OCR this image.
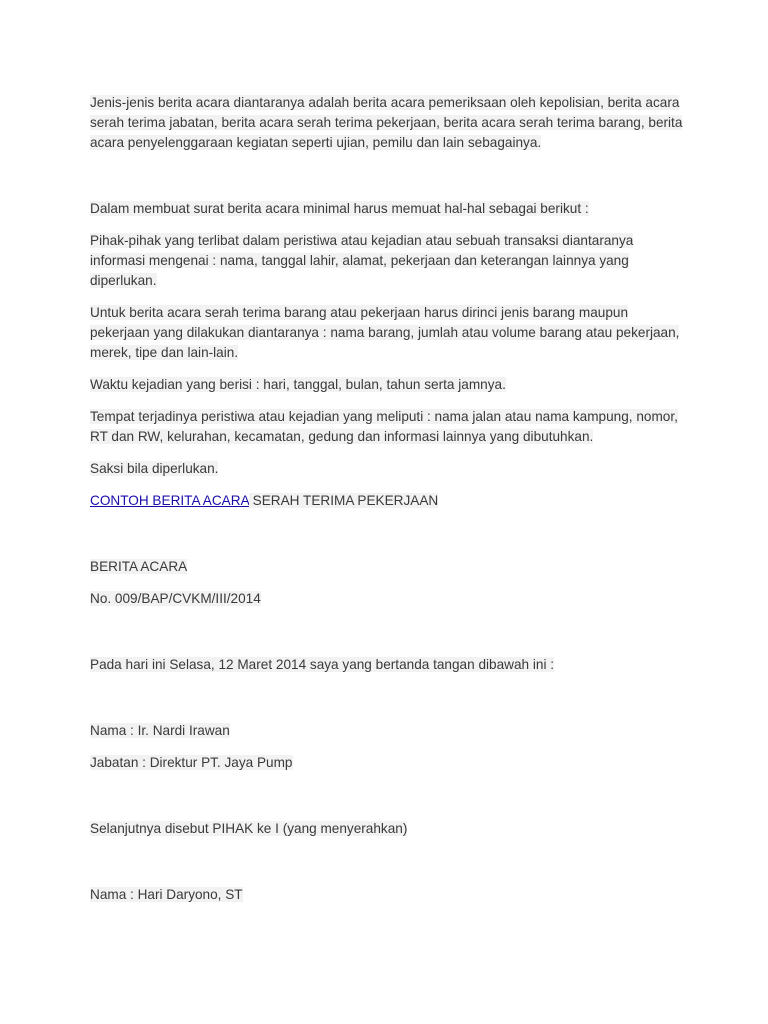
Jenis-jenis berita acara diantaranya adalah berita acara pemeriksaan oleh kepolisian, berita acara serah terima jabatan, berita acara serah terima pekerjaan, berita acara serah terima barang, berita acara penyelenggaraan kegiatan seperti ujian, pemilu dan lain sebagainya.

Dalam membuat surat berita acara minimal harus memuat hal-hal sebagai berikut :

Pihak-pihak yang terlibat dalam peristiwa atau kejadian atau sebuah transaksi diantaranya informasi mengenai : nama, tanggal lahir, alamat, pekerjaan dan keterangan lainnya yang diperlukan.

Untuk berita acara serah terima barang atau pekerjaan harus dirinci jenis barang maupun pekerjaan yang dilakukan diantaranya : nama barang, jumlah atau volume barang atau pekerjaan, merek, tipe dan lain-lain.

Waktu kejadian yang berisi : hari, tanggal, bulan, tahun serta jamnya.

Tempat terjadinya peristiwa atau kejadian yang meliputi : nama jalan atau nama kampung, nomor, RT dan RW, kelurahan, kecamatan, gedung dan informasi lainnya yang dibutuhkan.

Saksi bila diperlukan.

CONTOH BERITA ACARA SERAH TERIMA PEKERJAAN

BERITA ACARA

No. 009/BAP/CVKM/III/2014

Pada hari ini Selasa, 12 Maret 2014 saya yang bertanda tangan dibawah ini :

Nama : Ir. Nardi Irawan

Jabatan : Direktur PT. Jaya Pump

Selanjutnya disebut PIHAK ke I (yang menyerahkan)

Nama : Hari Daryono, ST
